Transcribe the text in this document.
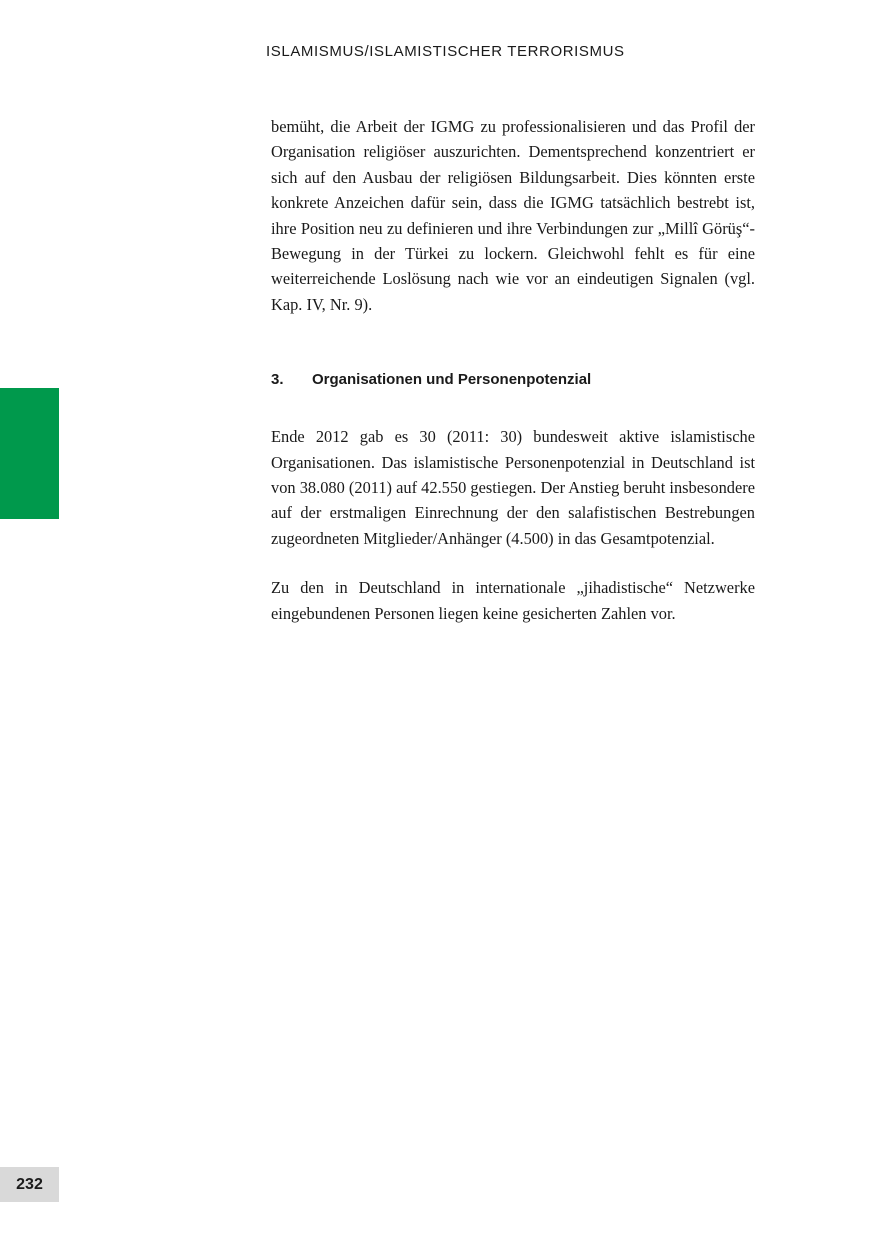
ISLAMISMUS/ISLAMISTISCHER TERRORISMUS

bemüht, die Arbeit der IGMG zu professionalisieren und das Profil der Organisation religiöser auszurichten. Dementsprechend konzentriert er sich auf den Ausbau der religiösen Bildungsarbeit. Dies könnten erste konkrete Anzeichen dafür sein, dass die IGMG tatsächlich bestrebt ist, ihre Position neu zu definieren und ihre Verbindungen zur „Millî Görüş“-Bewegung in der Türkei zu lockern. Gleichwohl fehlt es für eine weiterreichende Loslösung nach wie vor an eindeutigen Signalen (vgl. Kap. IV, Nr. 9).

3.	Organisationen und Personenpotenzial

Ende 2012 gab es 30 (2011: 30) bundesweit aktive islamistische Organisationen. Das islamistische Personenpotenzial in Deutschland ist von 38.080 (2011) auf 42.550 gestiegen. Der Anstieg beruht insbesondere auf der erstmaligen Einrechnung der den salafistischen Bestrebungen zugeordneten Mitglieder/Anhänger (4.500) in das Gesamtpotenzial.

Zu den in Deutschland in internationale „jihadistische“ Netzwerke eingebundenen Personen liegen keine gesicherten Zahlen vor.

232
